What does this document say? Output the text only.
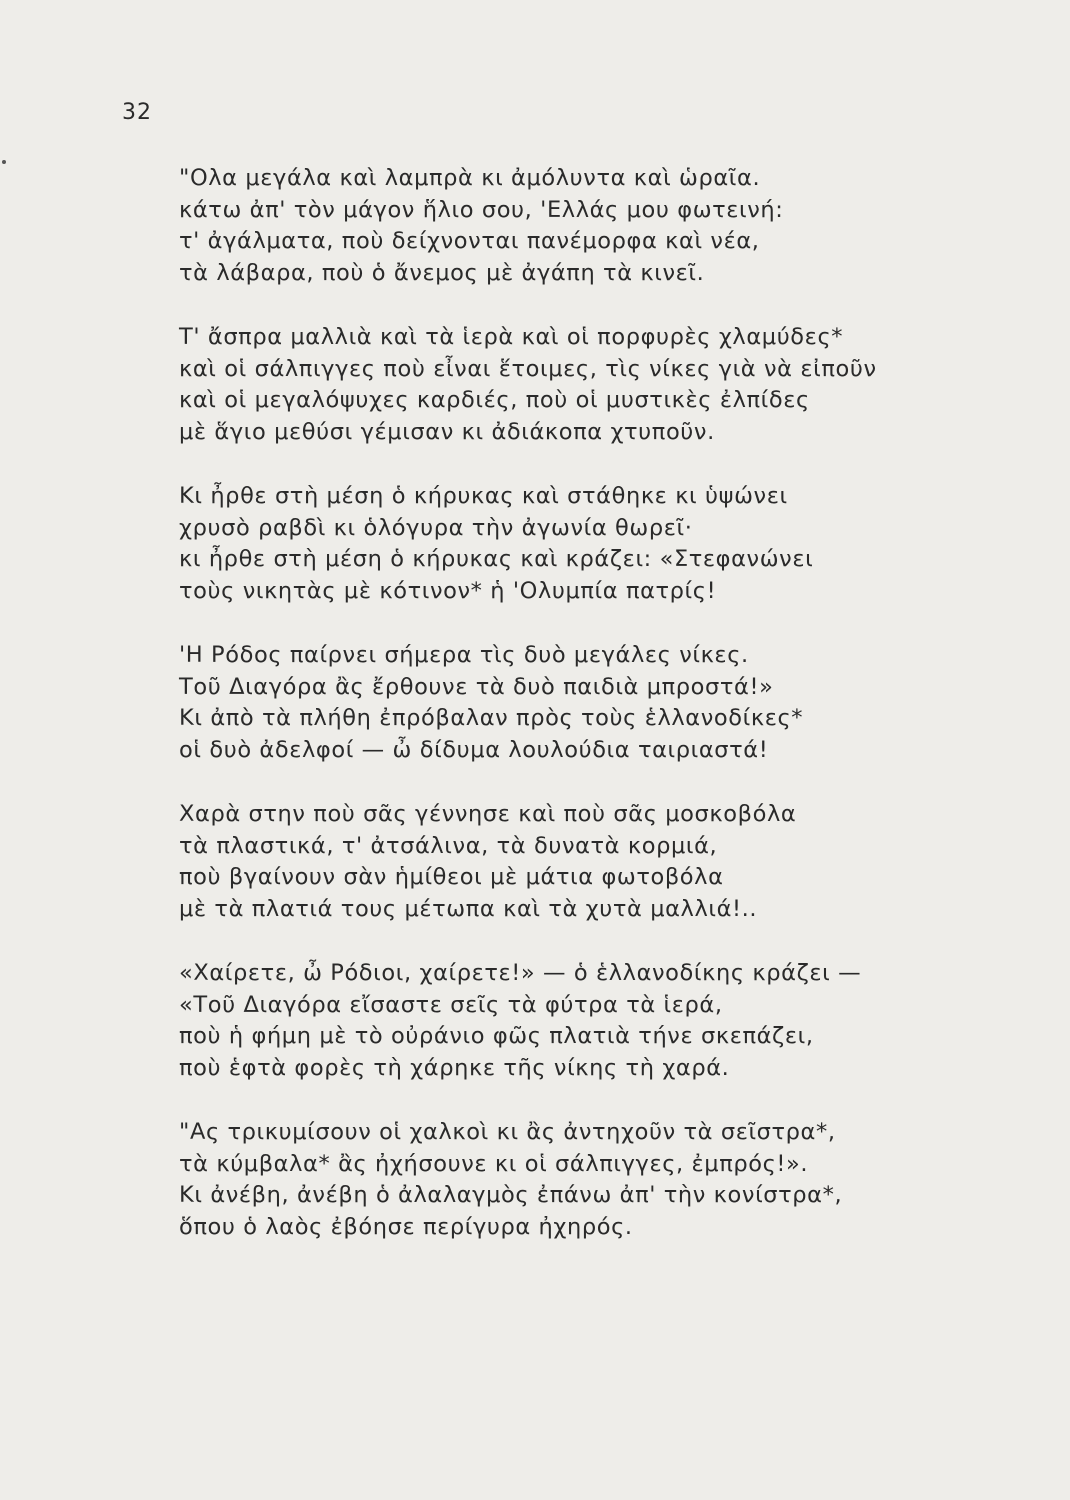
32
"Ολα μεγάλα καὶ λαμπρὰ κι ἀμόλυντα καὶ ὡραῖα.
κάτω ἀπ' τὸν μάγον ἥλιο σου, 'Ελλάς μου φωτεινή:
τ' ἀγάλματα, ποὺ δείχνονται πανέμορφα καὶ νέα,
τὰ λάβαρα, ποὺ ὁ ἄνεμος μὲ ἀγάπη τὰ κινεῖ.
Τ' ἄσπρα μαλλιὰ καὶ τὰ ἱερὰ καὶ οἱ πορφυρὲς χλαμύδες*
καὶ οἱ σάλπιγγες ποὺ εἶναι ἕτοιμες, τὶς νίκες γιὰ νὰ εἰποῦν
καὶ οἱ μεγαλόψυχες καρδιές, ποὺ οἱ μυστικὲς ἐλπίδες
μὲ ἅγιο μεθύσι γέμισαν κι ἀδιάκοπα χτυποῦν.
Κι ἦρθε στὴ μέση ὁ κήρυκας καὶ στάθηκε κι ὑψώνει
χρυσὸ ραβδὶ κι ὁλόγυρα τὴν ἀγωνία θωρεῖ·
κι ἦρθε στὴ μέση ὁ κήρυκας καὶ κράζει: «Στεφανώνει
τοὺς νικητὰς μὲ κότινον* ἡ 'Ολυμπία πατρίς!
'Η Ρόδος παίρνει σήμερα τὶς δυὸ μεγάλες νίκες.
Τοῦ Διαγόρα ἂς ἔρθουνε τὰ δυὸ παιδιὰ μπροστά!»
Κι ἀπὸ τὰ πλήθη ἐπρόβαλαν πρὸς τοὺς ἑλλανοδίκες*
οἱ δυὸ ἀδελφοί — ὦ δίδυμα λουλούδια ταιριαστά!
Χαρὰ στην ποὺ σᾶς γέννησε καὶ ποὺ σᾶς μοσκοβόλα
τὰ πλαστικά, τ' ἀτσάλινα, τὰ δυνατὰ κορμιά,
ποὺ βγαίνουν σὰν ἡμίθεοι μὲ μάτια φωτοβόλα
μὲ τὰ πλατιά τους μέτωπα καὶ τὰ χυτὰ μαλλιά!..
«Χαίρετε, ὦ Ρόδιοι, χαίρετε!» — ὁ ἑλλανοδίκης κράζει —
«Τοῦ Διαγόρα εἴσαστε σεῖς τὰ φύτρα τὰ ἱερά,
ποὺ ἡ φήμη μὲ τὸ οὐράνιο φῶς πλατιὰ τήνε σκεπάζει,
ποὺ ἑφτὰ φορὲς τὴ χάρηκε τῆς νίκης τὴ χαρά.
"Ας τρικυμίσουν οἱ χαλκοὶ κι ἂς ἀντηχοῦν τὰ σεῖστρα*,
τὰ κύμβαλα* ἂς ἠχήσουνε κι οἱ σάλπιγγες, ἐμπρός!».
Κι ἀνέβη, ἀνέβη ὁ ἀλαλαγμὸς ἐπάνω ἀπ' τὴν κονίστρα*,
ὅπου ὁ λαὸς ἐβόησε περίγυρα ἠχηρός.
